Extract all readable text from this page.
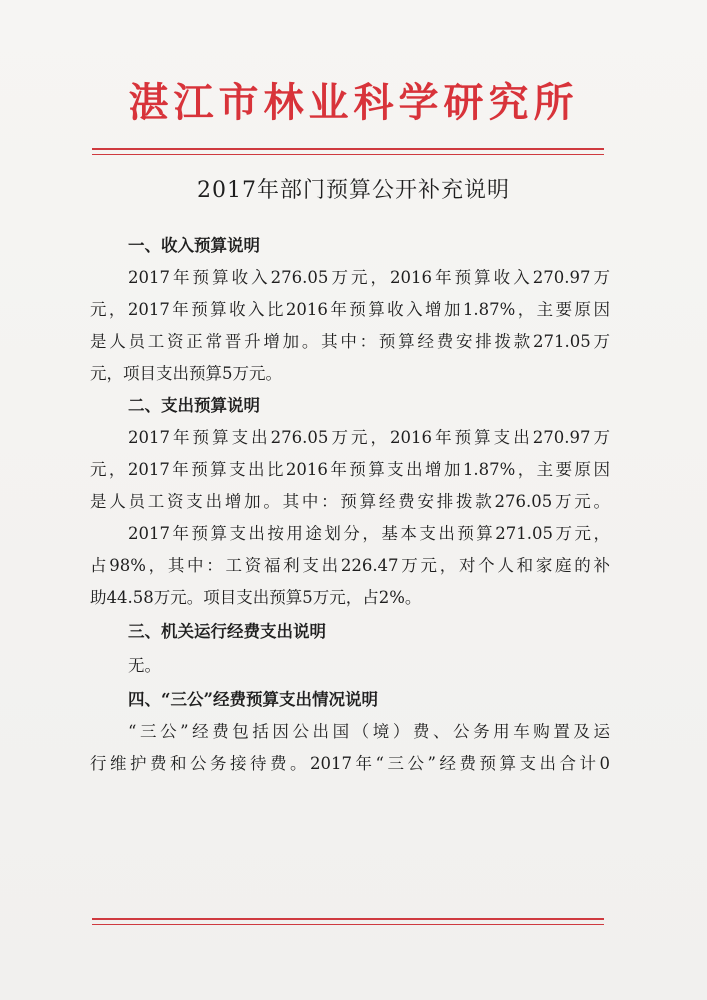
湛江市林业科学研究所
2017年部门预算公开补充说明
一、收入预算说明
2017年预算收入276.05万元，2016年预算收入270.97万
元，2017年预算收入比2016年预算收入增加1.87%，主要原因
是人员工资正常晋升增加。其中：预算经费安排拨款271.05万
元，项目支出预算5万元。
二、支出预算说明
2017年预算支出276.05万元，2016年预算支出270.97万
元，2017年预算支出比2016年预算支出增加1.87%，主要原因
是人员工资支出增加。其中：预算经费安排拨款276.05万元。
2017年预算支出按用途划分，基本支出预算271.05万元，
占98%，其中：工资福利支出226.47万元，对个人和家庭的补
助44.58万元。项目支出预算5万元，占2%。
三、机关运行经费支出说明
无。
四、“三公”经费预算支出情况说明
“三公”经费包括因公出国（境）费、公务用车购置及运
行维护费和公务接待费。2017年“三公”经费预算支出合计0
